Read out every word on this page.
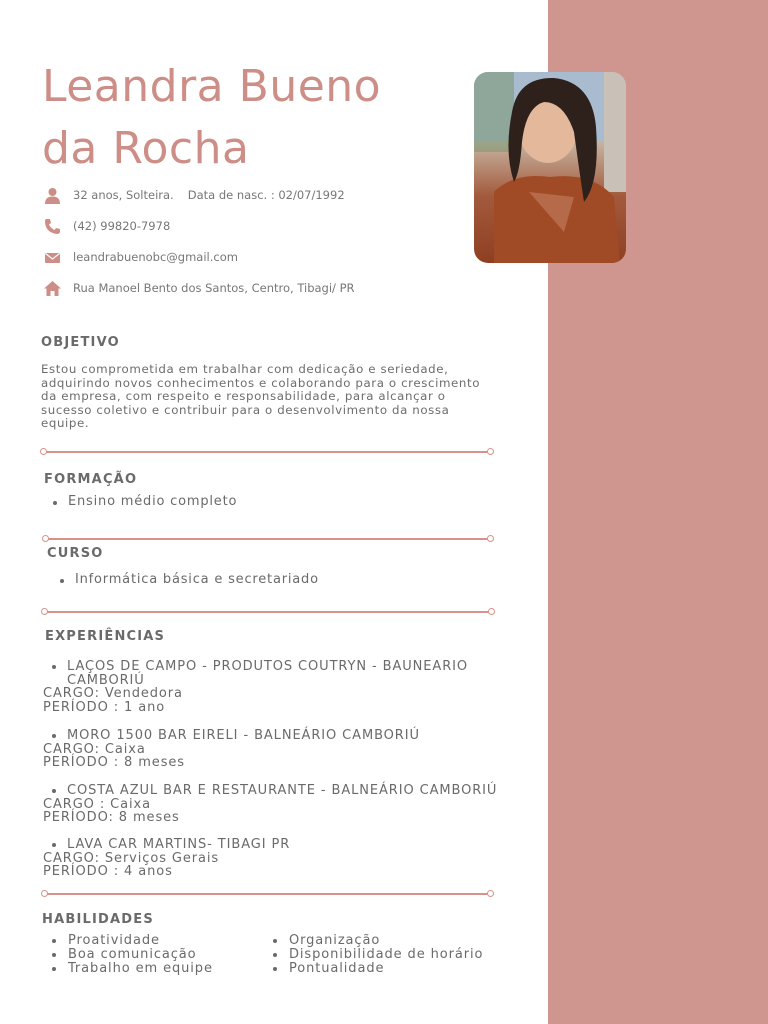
Leandra Bueno
da Rocha
32 anos, Solteira. Data de nasc. : 02/07/1992
(42) 99820-7978
leandrabuenobc@gmail.com
Rua Manoel Bento dos Santos, Centro, Tibagi/ PR
OBJETIVO

Estou comprometida em trabalhar com dedicação e seriedade, adquirindo novos conhecimentos e colaborando para o crescimento da empresa, com respeito e responsabilidade, para alcançar o sucesso coletivo e contribuir para o desenvolvimento da nossa equipe.

FORMAÇÃO
Ensino médio completo
CURSO
Informática básica e secretariado
EXPERIÊNCIAS
LAÇOS DE CAMPO - PRODUTOS COUTRYN - BAUNEARIO CAMBORIÚ
CARGO: Vendedora
PERÍODO : 1 ano
MORO 1500 BAR EIRELI - BALNEÁRIO CAMBORIÚ
CARGO: Caixa
PERÍODO : 8 meses
COSTA AZUL BAR E RESTAURANTE - BALNEÁRIO CAMBORIÚ
CARGO : Caixa
PERÍODO: 8 meses
LAVA CAR MARTINS- TIBAGI PR
CARGO: Serviços Gerais
PERÍODO : 4 anos
HABILIDADES
Proatividade
Boa comunicação
Trabalho em equipe
Organização
Disponibilidade de horário
Pontualidade
